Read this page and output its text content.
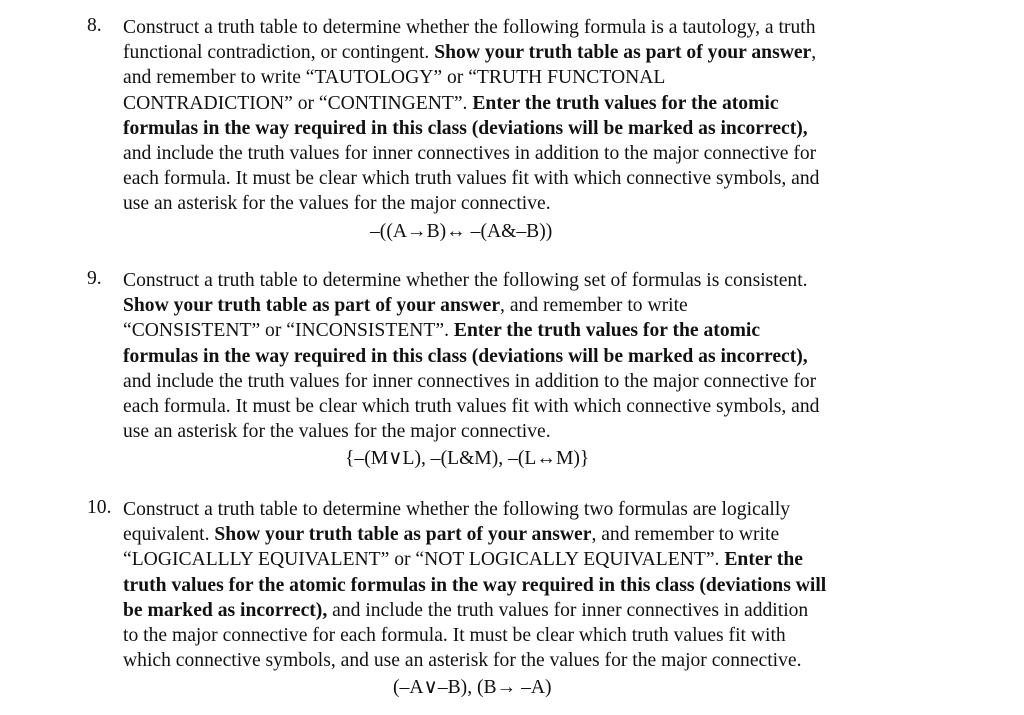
8. Construct a truth table to determine whether the following formula is a tautology, a truth
functional contradiction, or contingent. Show your truth table as part of your answer,
and remember to write “TAUTOLOGY” or “TRUTH FUNCTONAL
CONTRADICTION” or “CONTINGENT”. Enter the truth values for the atomic
formulas in the way required in this class (deviations will be marked as incorrect),
and include the truth values for inner connectives in addition to the major connective for
each formula. It must be clear which truth values fit with which connective symbols, and
use an asterisk for the values for the major connective.
–((A→B)↔ –(A&–B))
9. Construct a truth table to determine whether the following set of formulas is consistent.
Show your truth table as part of your answer, and remember to write
“CONSISTENT” or “INCONSISTENT”. Enter the truth values for the atomic
formulas in the way required in this class (deviations will be marked as incorrect),
and include the truth values for inner connectives in addition to the major connective for
each formula. It must be clear which truth values fit with which connective symbols, and
use an asterisk for the values for the major connective.
{–(M∨L), –(L&M), –(L↔M)}
10. Construct a truth table to determine whether the following two formulas are logically
equivalent. Show your truth table as part of your answer, and remember to write
“LOGICALLLY EQUIVALENT” or “NOT LOGICALLY EQUIVALENT”. Enter the
truth values for the atomic formulas in the way required in this class (deviations will
be marked as incorrect), and include the truth values for inner connectives in addition
to the major connective for each formula. It must be clear which truth values fit with
which connective symbols, and use an asterisk for the values for the major connective.
(–A∨–B), (B→ –A)
